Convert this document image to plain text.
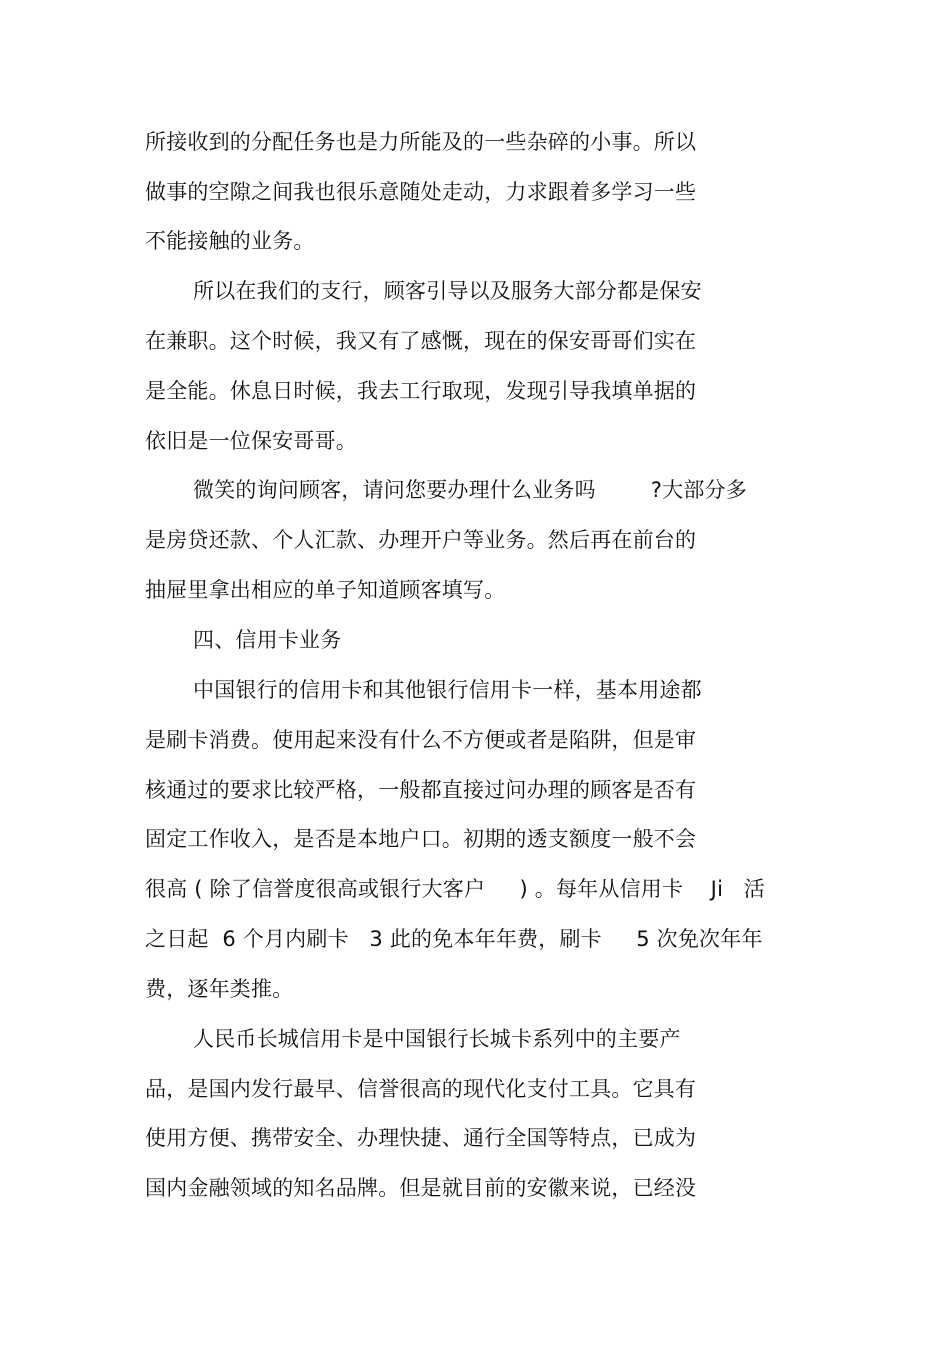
所接收到的分配任务也是力所能及的一些杂碎的小事。所以
做事的空隙之间我也很乐意随处走动，力求跟着多学习一些
不能接触的业务。
所以在我们的支行，顾客引导以及服务大部分都是保安
在兼职。这个时候，我又有了感慨，现在的保安哥哥们实在
是全能。休息日时候，我去工行取现，发现引导我填单据的
依旧是一位保安哥哥。
微笑的询问顾客，请问您要办理什么业务吗        ?大部分多
是房贷还款、个人汇款、办理开户等业务。然后再在前台的
抽屉里拿出相应的单子知道顾客填写。
四、信用卡业务
中国银行的信用卡和其他银行信用卡一样，基本用途都
是刷卡消费。使用起来没有什么不方便或者是陷阱，但是审
核通过的要求比较严格，一般都直接过问办理的顾客是否有
固定工作收入，是否是本地户口。初期的透支额度一般不会
很高 ( 除了信誉度很高或银行大客户     ) 。每年从信用卡    Ji   活
之日起  6 个月内刷卡   3 此的免本年年费，刷卡     5 次免次年年
费，逐年类推。
人民币长城信用卡是中国银行长城卡系列中的主要产
品，是国内发行最早、信誉很高的现代化支付工具。它具有
使用方便、携带安全、办理快捷、通行全国等特点，已成为
国内金融领域的知名品牌。但是就目前的安徽来说，已经没
